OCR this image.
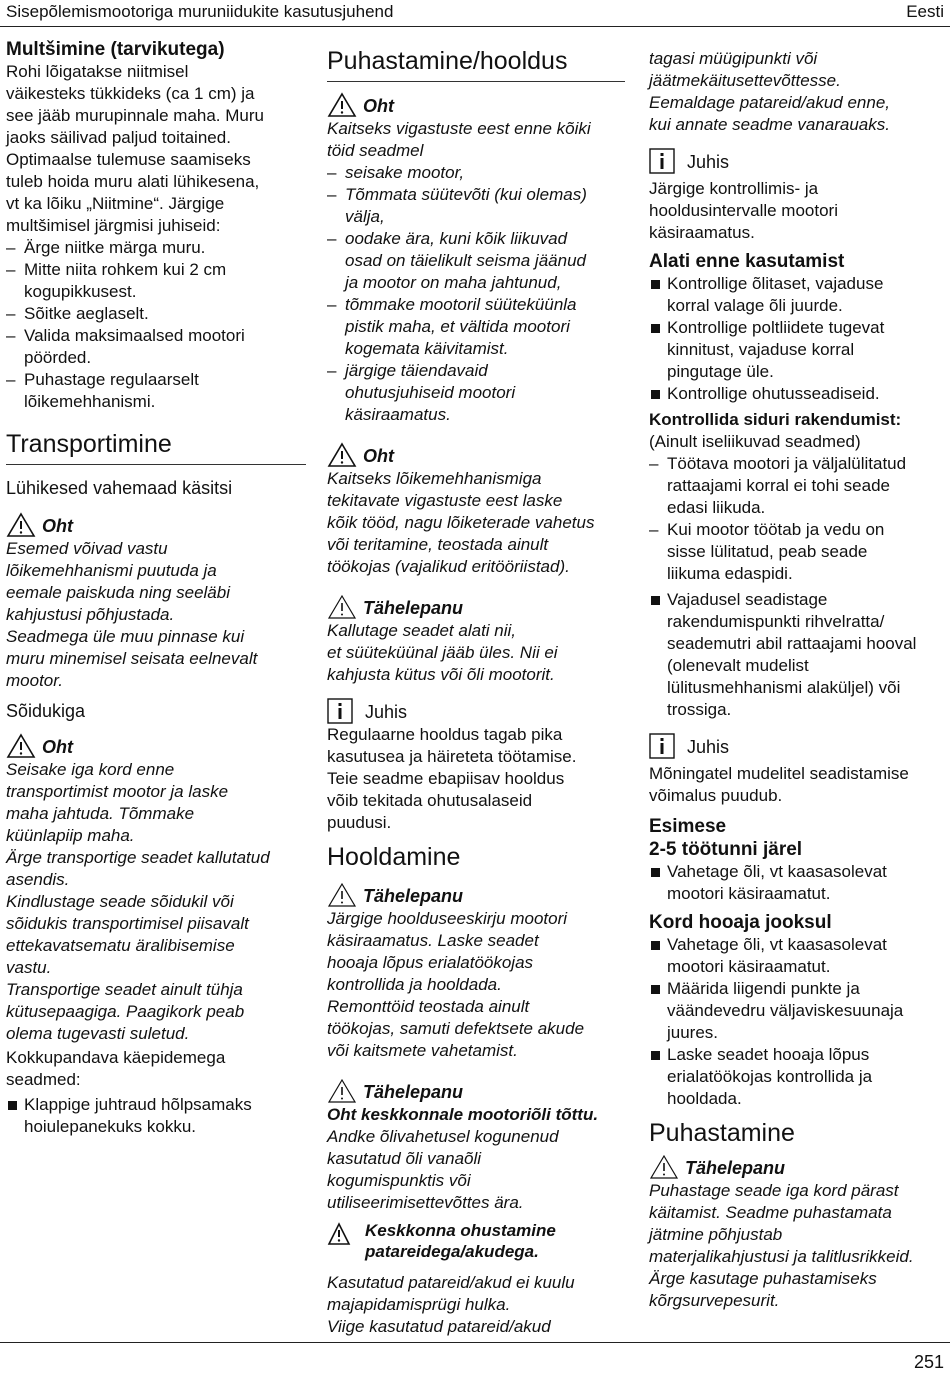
Sisepõlemismootoriga muruniidukite kasutusjuhend	Eesti
Multšimine (tarvikutega)
Rohi lõigatakse niitmisel
väikesteks tükkideks (ca 1 cm) ja
see jääb murupinnale maha. Muru
jaoks säilivad paljud toitained.
Optimaalse tulemuse saamiseks
tuleb hoida muru alati lühikesena,
vt ka lõiku „Niitmine“. Järgige
multšimisel järgmisi juhiseid:
– Ärge niitke märga muru.
– Mitte niita rohkem kui 2 cm
kogupikkusest.
– Sõitke aeglaselt.
– Valida maksimaalsed mootori
pöörded.
– Puhastage regulaarselt
lõikemehhanismi.
Transportimine
Lühikesed vahemaad käsitsi
Oht
Esemed võivad vastu
lõikemehhanismi puutuda ja
eemale paiskuda ning seeläbi
kahjustusi põhjustada.
Seadmega üle muu pinnase kui
muru minemisel seisata eelnevalt
mootor.
Sõidukiga
Oht
Seisake iga kord enne
transportimist mootor ja laske
maha jahtuda. Tõmmake
küünlapiip maha.
Ärge transportige seadet kallutatud
asendis.
Kindlustage seade sõidukil või
sõidukis transportimisel piisavalt
ettekavatsematu äralibisemise
vastu.
Transportige seadet ainult tühja
kütusepaagiga. Paagikork peab
olema tugevasti suletud.
Kokkupandava käepidemega
seadmed:
Klappige juhtraud hõlpsamaks
hoiulepanekuks kokku.
Puhastamine/hooldus
Oht
Kaitseks vigastuste eest enne kõiki
töid seadmel
– seisake mootor,
– Tõmmata süütevõti (kui olemas)
välja,
– oodake ära, kuni kõik liikuvad
osad on täielikult seisma jäänud
ja mootor on maha jahtunud,
– tõmmake mootoril süüteküünla
pistik maha, et vältida mootori
kogemata käivitamist.
– järgige täiendavaid
ohutusjuhiseid mootori
käsiraamatus.
Oht
Kaitseks lõikemehhanismiga
tekitavate vigastuste eest laske
kõik tööd, nagu lõiketerade vahetus
või teritamine, teostada ainult
töökojas (vajalikud eritööriistad).
Tähelepanu
Kallutage seadet alati nii,
et süüteküünal jääb üles. Nii ei
kahjusta kütus või õli mootorit.
Juhis
Regulaarne hooldus tagab pika
kasutusea ja häireteta töötamise.
Teie seadme ebapiisav hooldus
võib tekitada ohutusalaseid
puudusi.
Hooldamine
Tähelepanu
Järgige hoolduseeskirju mootori
käsiraamatus. Laske seadet
hooaja lõpus erialatöökojas
kontrollida ja hooldada.
Remonttöid teostada ainult
töökojas, samuti defektsete akude
või kaitsmete vahetamist.
Tähelepanu
Oht keskkonnale mootoriõli tõttu.
Andke õlivahetusel kogunenud
kasutatud õli vanaõli
kogumispunktis või
utiliseerimisettevõttes ära.
Keskkonna ohustamine
patareidega/akudega.
Kasutatud patareid/akud ei kuulu
majapidamisprügi hulka.
Viige kasutatud patareid/akud
tagasi müügipunkti või
jäätmekäitusettevõttesse.
Eemaldage patareid/akud enne,
kui annate seadme vanarauaks.
Juhis
Järgige kontrollimis- ja
hooldusintervalle mootori
käsiraamatus.
Alati enne kasutamist
Kontrollige õlitaset, vajaduse
korral valage õli juurde.
Kontrollige poltliidete tugevat
kinnitust, vajaduse korral
pingutage üle.
Kontrollige ohutusseadiseid.
Kontrollida siduri rakendumist:
(Ainult iseliikuvad seadmed)
– Töötava mootori ja väljalülitatud
rattaajami korral ei tohi seade
edasi liikuda.
– Kui mootor töötab ja vedu on
sisse lülitatud, peab seade
liikuma edaspidi.
Vajadusel seadistage
rakendumispunkti rihvelratta/
seademutri abil rattaajami hooval
(olenevalt mudelist
lülitusmehhanismi alaküljel) või
trossiga.
Juhis
Mõningatel mudelitel seadistamise
võimalus puudub.
Esimese
2-5 töötunni järel
Vahetage õli, vt kaasasolevat
mootori käsiraamatut.
Kord hooaja jooksul
Vahetage õli, vt kaasasolevat
mootori käsiraamatut.
Määrida liigendi punkte ja
väändevedru väljaviskesuunaja
juures.
Laske seadet hooaja lõpus
erialatöökojas kontrollida ja
hooldada.
Puhastamine
Tähelepanu
Puhastage seade iga kord pärast
käitamist. Seadme puhastamata
jätmine põhjustab
materjalikahjustusi ja talitlusrikkeid.
Ärge kasutage puhastamiseks
kõrgsurvepesurit.
251
